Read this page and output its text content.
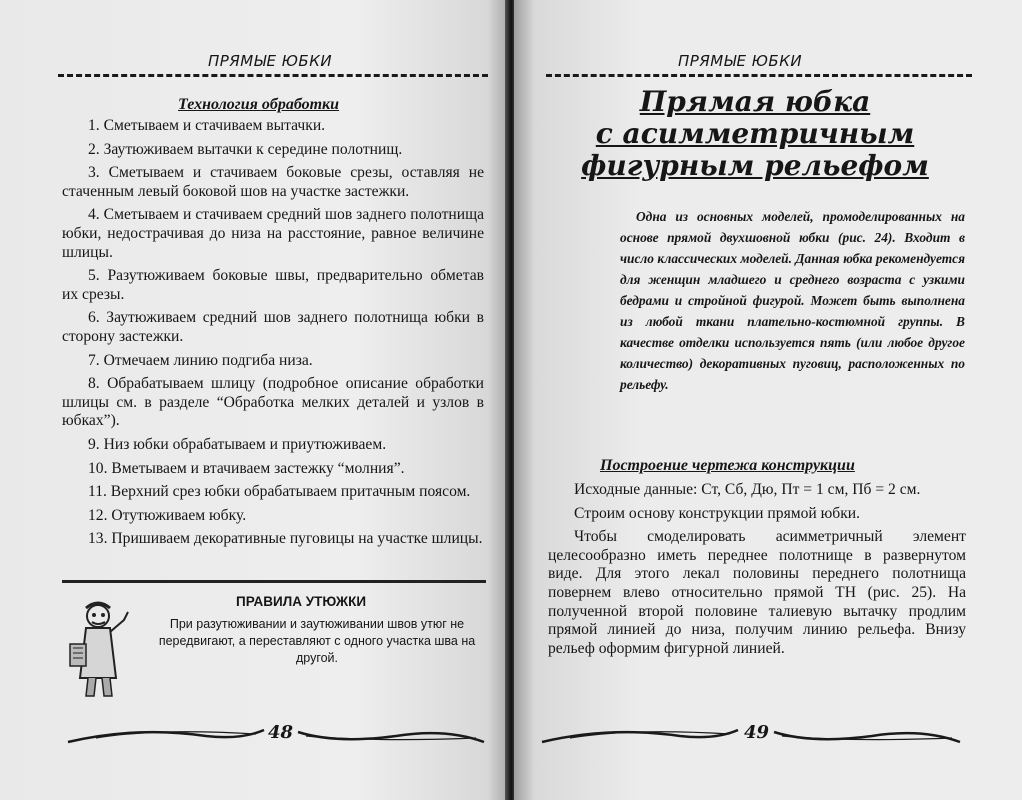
ПРЯМЫЕ ЮБКИ
Технология обработки

1. Сметываем и стачиваем вытачки.

2. Заутюживаем вытачки к середине полотнищ.

3. Сметываем и стачиваем боковые срезы, оставляя не стаченным левый боковой шов на участке застежки.

4. Сметываем и стачиваем средний шов заднего полотнища юбки, недострачивая до низа на расстояние, равное величине шлицы.

5. Разутюживаем боковые швы, предварительно обметав их срезы.

6. Заутюживаем средний шов заднего полотнища юбки в сторону застежки.

7. Отмечаем линию подгиба низа.

8. Обрабатываем шлицу (подробное описание обработки шлицы см. в разделе “Обработка мелких деталей и узлов в юбках”).

9. Низ юбки обрабатываем и приутюживаем.

10. Вметываем и втачиваем застежку “молния”.

11. Верхний срез юбки обрабатываем притачным поясом.

12. Отутюживаем юбку.

13. Пришиваем декоративные пуговицы на участке шлицы.

ПРАВИЛА УТЮЖКИ
При разутюживании и заутюживании швов утюг не передвигают, а переставляют с одного участка шва на другой.
48
ПРЯМЫЕ ЮБКИ
Прямая юбка
с асимметричным
фигурным рельефом
Одна из основных моделей, промоделированных на основе прямой двухшовной юбки (рис. 24). Входит в число классических моделей. Данная юбка рекомендуется для женщин младшего и среднего возраста с узкими бедрами и стройной фигурой. Может быть выполнена из любой ткани плательно-костюмной группы. В качестве отделки используется пять (или любое другое количество) декоративных пуговиц, расположенных по рельефу.
Построение чертежа конструкции

Исходные данные: Ст, Сб, Дю, Пт = 1 см, Пб = 2 см.

Строим основу конструкции прямой юбки.

Чтобы смоделировать асимметричный элемент целесообразно иметь переднее полотнище в развернутом виде. Для этого лекал половины переднего полотнища повернем влево относительно прямой ТН (рис. 25). На полученной второй половине талиевую вытачку продлим прямой линией до низа, получим линию рельефа. Внизу рельеф оформим фигурной линией.

49
